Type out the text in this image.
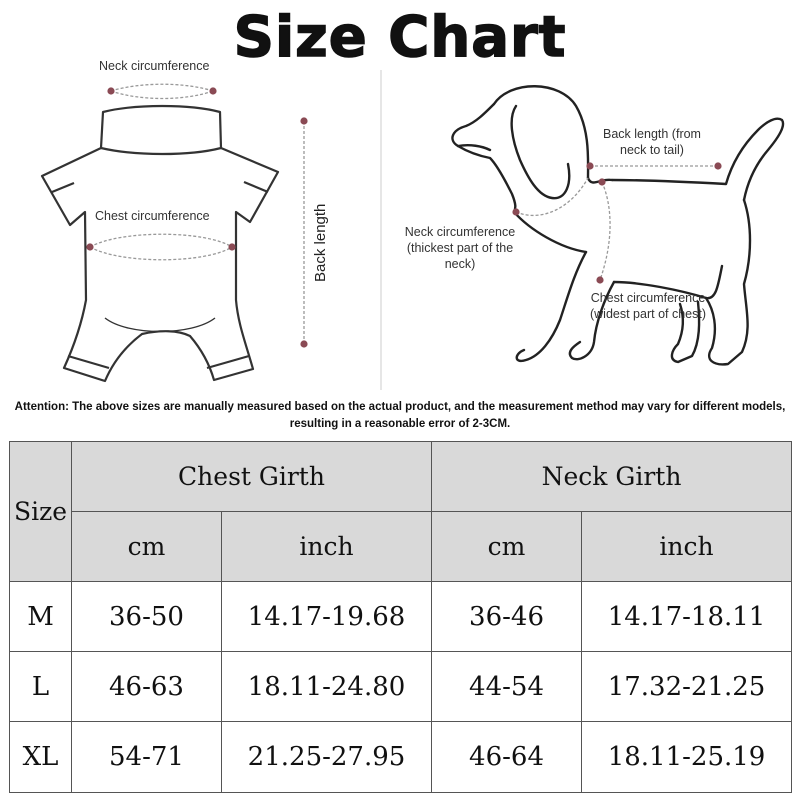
Size Chart
Neck circumference
Chest circumference	Back length
Back length (from
neck to tail)
Neck circumference
(thickest part of the
neck)
Chest circumference
(widest part of chest)
Attention: The above sizes are manually measured based on the actual product, and the measurement method may vary for different models, resulting in a reasonable error of 2-3CM.
Size	Chest Girth		Neck Girth	
	cm	inch	cm	inch
M	36-50	14.17-19.68	36-46	14.17-18.11
L	46-63	18.11-24.80	44-54	17.32-21.25
XL	54-71	21.25-27.95	46-64	18.11-25.19
